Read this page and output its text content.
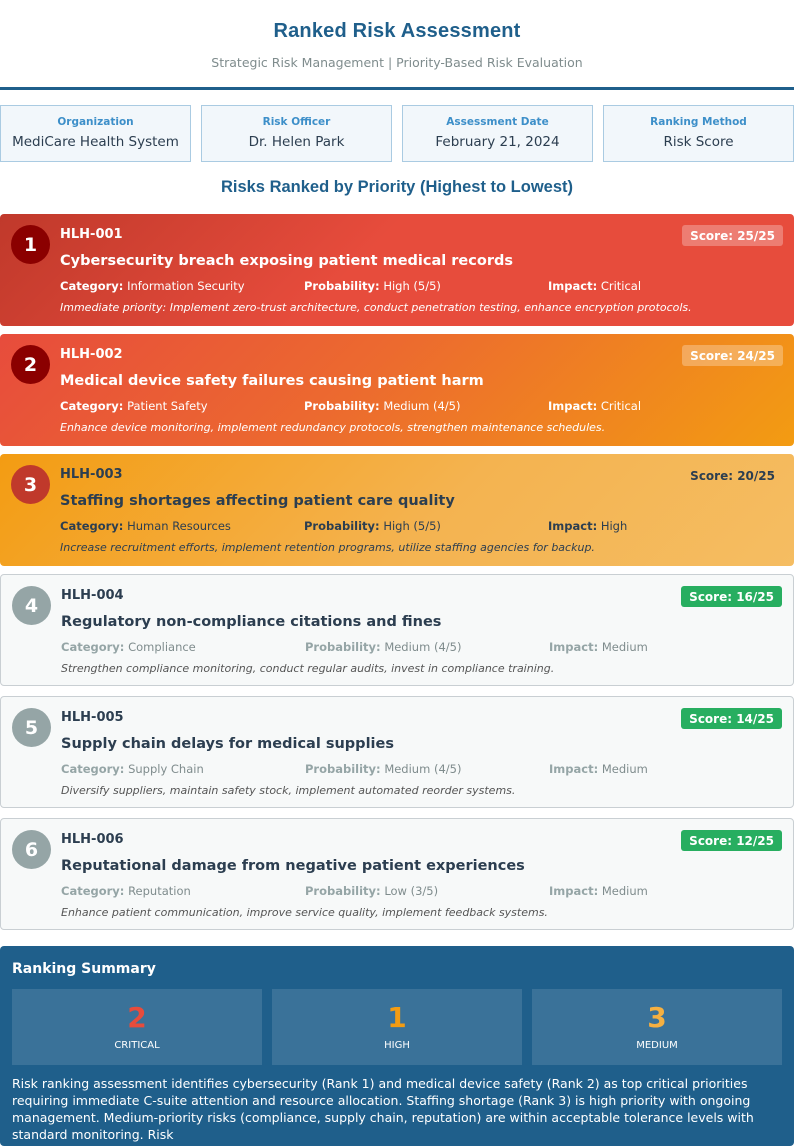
Ranked Risk Assessment
Strategic Risk Management | Priority-Based Risk Evaluation
Organization
MediCare Health System
Risk Officer
Dr. Helen Park
Assessment Date
February 21, 2024
Ranking Method
Risk Score
Risks Ranked by Priority (Highest to Lowest)
1	HLH-001	Score: 25/25
Cybersecurity breach exposing patient medical records
Category: Information Security	Probability: High (5/5)	Impact: Critical
Immediate priority: Implement zero-trust architecture, conduct penetration testing, enhance encryption protocols.
2	HLH-002	Score: 24/25
Medical device safety failures causing patient harm
Category: Patient Safety	Probability: Medium (4/5)	Impact: Critical
Enhance device monitoring, implement redundancy protocols, strengthen maintenance schedules.
3	HLH-003	Score: 20/25
Staffing shortages affecting patient care quality
Category: Human Resources	Probability: High (5/5)	Impact: High
Increase recruitment efforts, implement retention programs, utilize staffing agencies for backup.
4	HLH-004	Score: 16/25
Regulatory non-compliance citations and fines
Category: Compliance	Probability: Medium (4/5)	Impact: Medium
Strengthen compliance monitoring, conduct regular audits, invest in compliance training.
5	HLH-005	Score: 14/25
Supply chain delays for medical supplies
Category: Supply Chain	Probability: Medium (4/5)	Impact: Medium
Diversify suppliers, maintain safety stock, implement automated reorder systems.
6	HLH-006	Score: 12/25
Reputational damage from negative patient experiences
Category: Reputation	Probability: Low (3/5)	Impact: Medium
Enhance patient communication, improve service quality, implement feedback systems.
Ranking Summary
2
CRITICAL
1
HIGH
3
MEDIUM
Risk ranking assessment identifies cybersecurity (Rank 1) and medical device safety (Rank 2) as top critical priorities requiring immediate C-suite attention and resource allocation. Staffing shortage (Rank 3) is high priority with ongoing management. Medium-priority risks (compliance, supply chain, reputation) are within acceptable tolerance levels with standard monitoring. Risk
